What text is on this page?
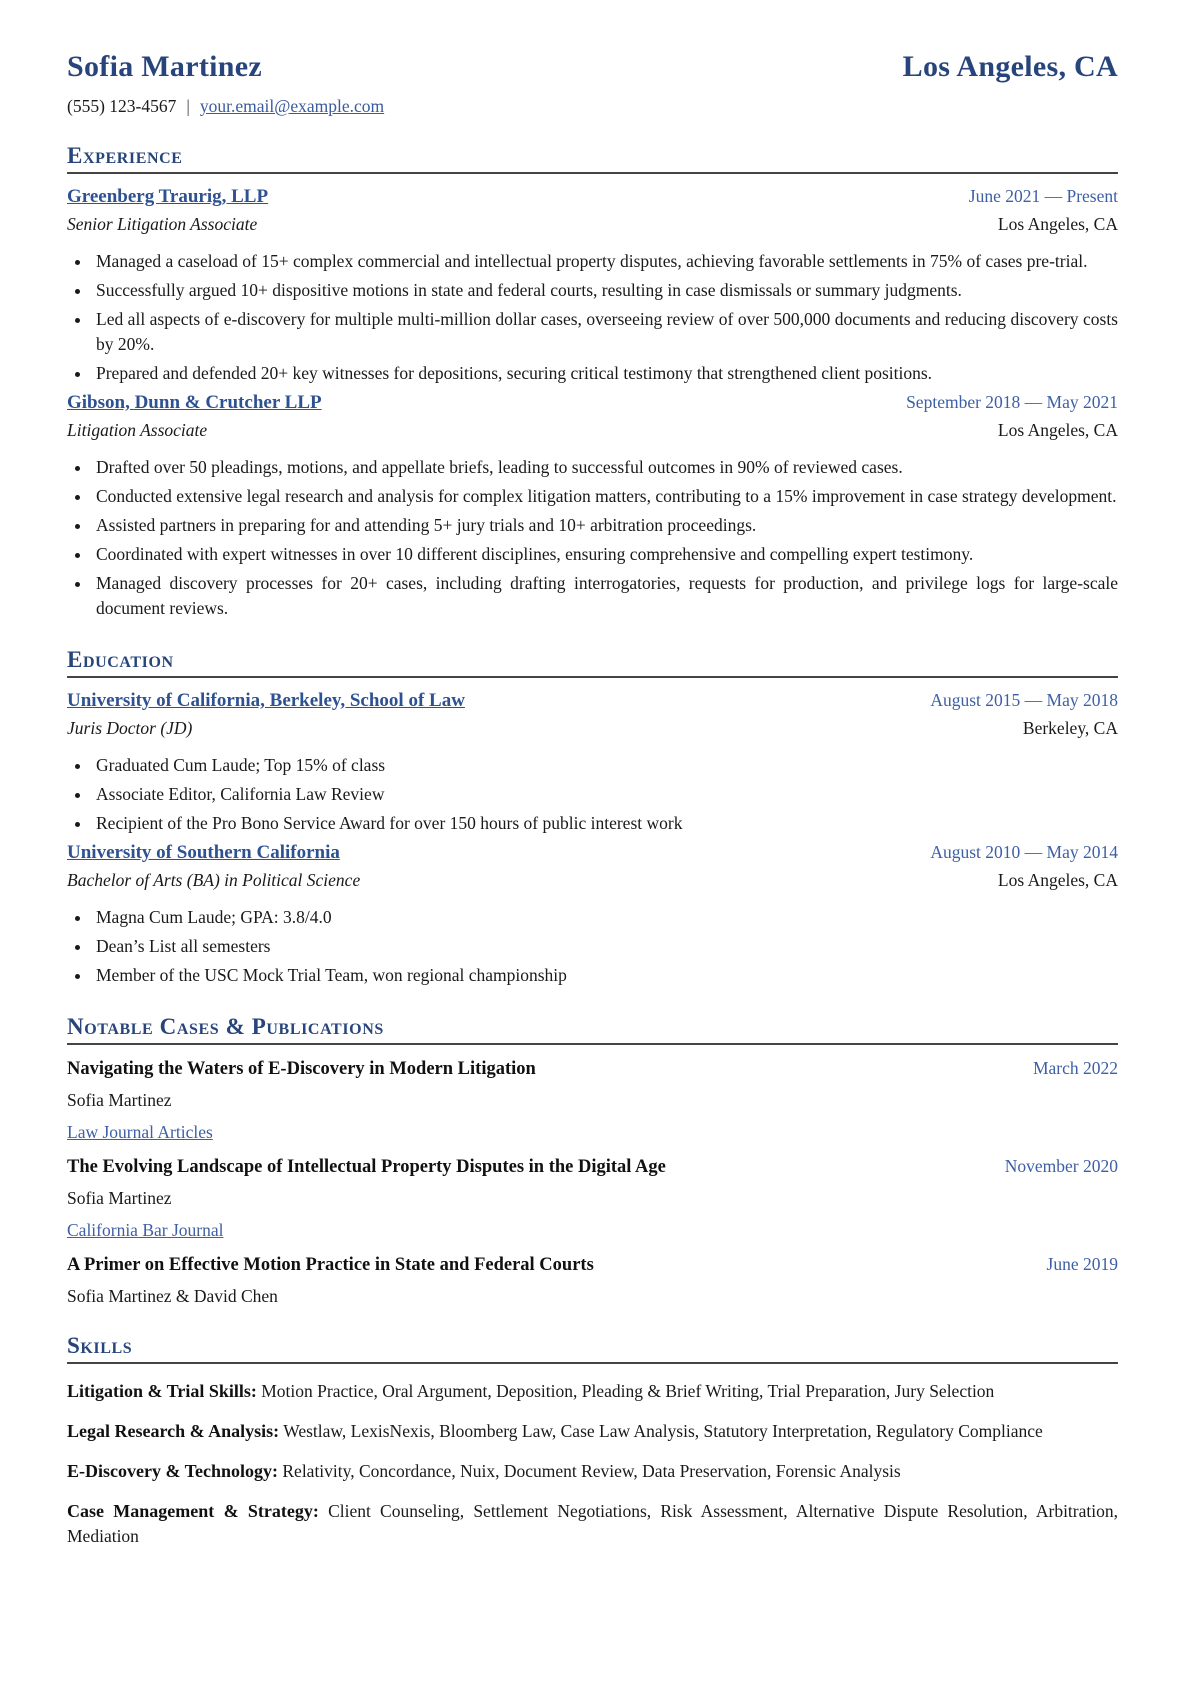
Sofia Martinez	Los Angeles, CA
(555) 123-4567 | your.email@example.com
Experience
Greenberg Traurig, LLP	June 2021 — Present
Senior Litigation Associate	Los Angeles, CA
• Managed a caseload of 15+ complex commercial and intellectual property disputes, achieving favorable settlements in 75% of cases pre-trial.
• Successfully argued 10+ dispositive motions in state and federal courts, resulting in case dismissals or summary judgments.
• Led all aspects of e-discovery for multiple multi-million dollar cases, overseeing review of over 500,000 documents and reducing discovery costs by 20%.
• Prepared and defended 20+ key witnesses for depositions, securing critical testimony that strengthened client positions.
Gibson, Dunn & Crutcher LLP	September 2018 — May 2021
Litigation Associate	Los Angeles, CA
• Drafted over 50 pleadings, motions, and appellate briefs, leading to successful outcomes in 90% of reviewed cases.
• Conducted extensive legal research and analysis for complex litigation matters, contributing to a 15% improvement in case strategy development.
• Assisted partners in preparing for and attending 5+ jury trials and 10+ arbitration proceedings.
• Coordinated with expert witnesses in over 10 different disciplines, ensuring comprehensive and compelling expert testimony.
• Managed discovery processes for 20+ cases, including drafting interrogatories, requests for production, and privilege logs for large-scale document reviews.
Education
University of California, Berkeley, School of Law	August 2015 — May 2018
Juris Doctor (JD)	Berkeley, CA
• Graduated Cum Laude; Top 15% of class
• Associate Editor, California Law Review
• Recipient of the Pro Bono Service Award for over 150 hours of public interest work
University of Southern California	August 2010 — May 2014
Bachelor of Arts (BA) in Political Science	Los Angeles, CA
• Magna Cum Laude; GPA: 3.8/4.0
• Dean’s List all semesters
• Member of the USC Mock Trial Team, won regional championship
Notable Cases & Publications
Navigating the Waters of E-Discovery in Modern Litigation	March 2022
Sofia Martinez
Law Journal Articles
The Evolving Landscape of Intellectual Property Disputes in the Digital Age	November 2020
Sofia Martinez
California Bar Journal
A Primer on Effective Motion Practice in State and Federal Courts	June 2019
Sofia Martinez & David Chen
Skills

Litigation & Trial Skills: Motion Practice, Oral Argument, Deposition, Pleading & Brief Writing, Trial Preparation, Jury Selection

Legal Research & Analysis: Westlaw, LexisNexis, Bloomberg Law, Case Law Analysis, Statutory Interpretation, Regulatory Compliance

E-Discovery & Technology: Relativity, Concordance, Nuix, Document Review, Data Preservation, Forensic Analysis

Case Management & Strategy: Client Counseling, Settlement Negotiations, Risk Assessment, Alternative Dispute Resolution, Arbitration, Mediation
